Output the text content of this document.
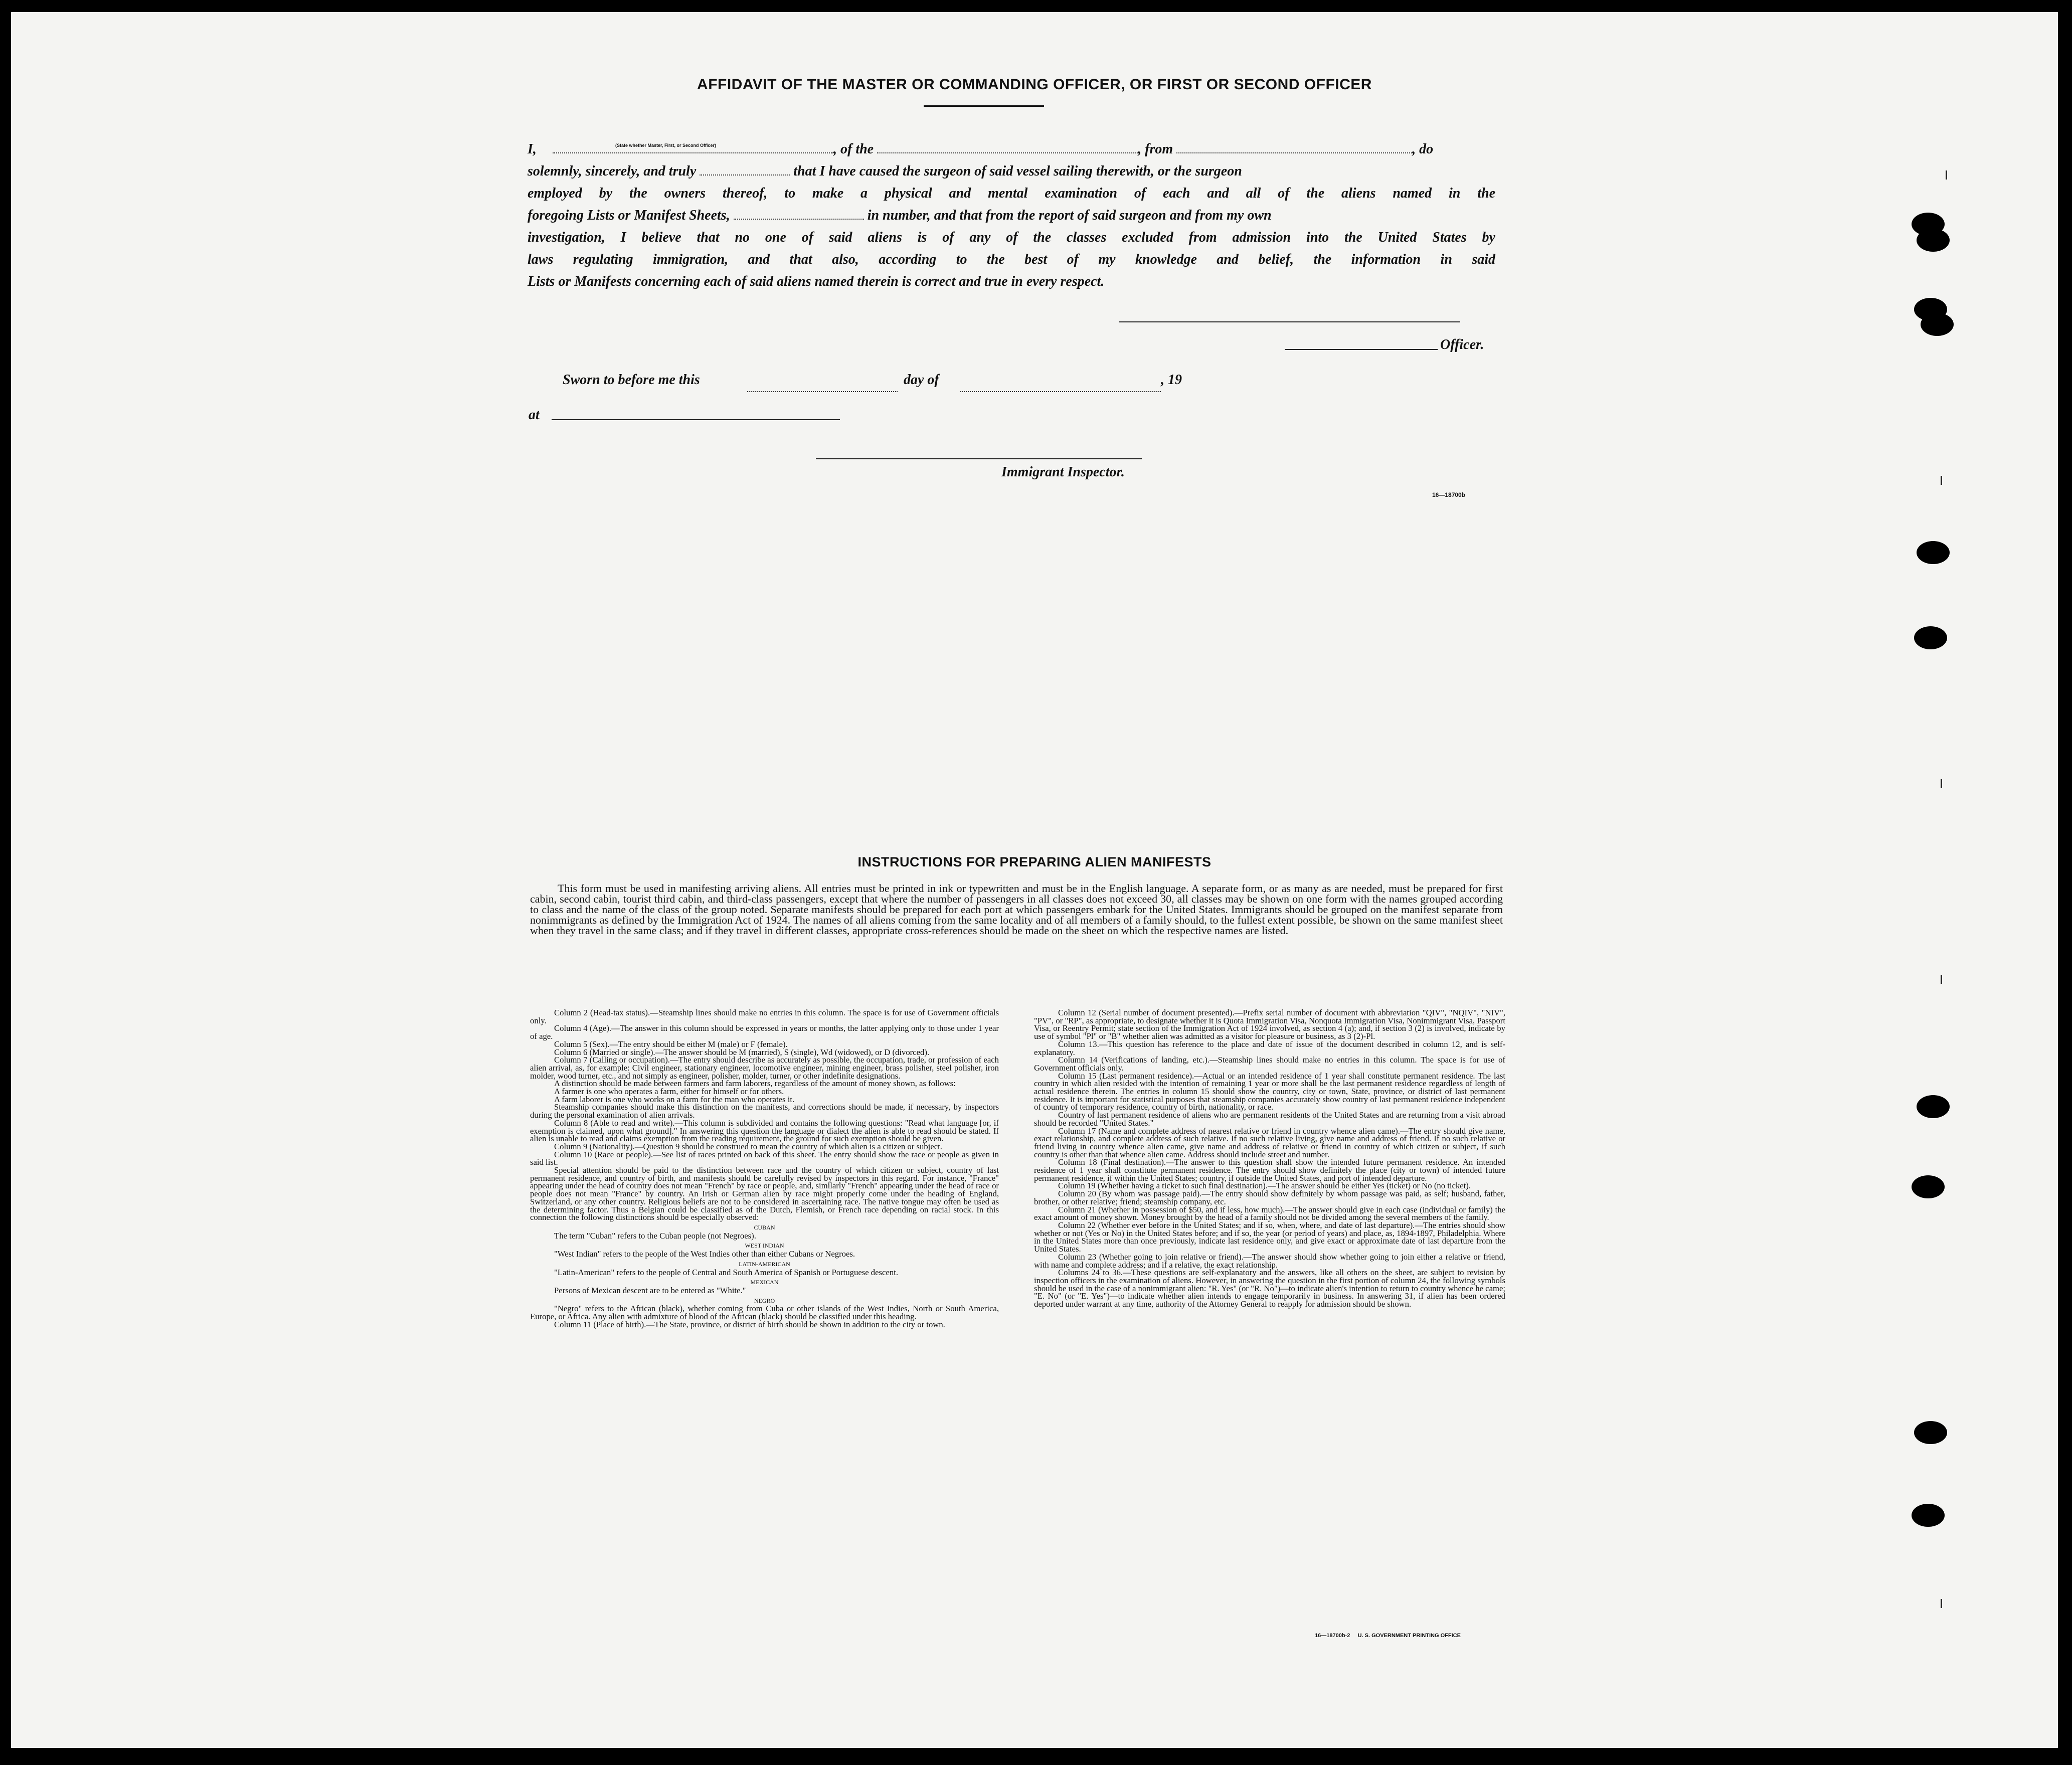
AFFIDAVIT OF THE MASTER OR COMMANDING OFFICER, OR FIRST OR SECOND OFFICER
I,	, of the	, from	, do
solemnly, sincerely, and truly	that I have caused the surgeon of said vessel sailing therewith, or the surgeon
employed by the owners thereof, to make a physical and mental examination of each and all of the aliens named in the
foregoing Lists or Manifest Sheets,	in number, and that from the report of said surgeon and from my own
investigation, I believe that no one of said aliens is of any of the classes excluded from admission into the United States by
laws regulating immigration, and that also, according to the best of my knowledge and belief, the information in said
Lists or Manifests concerning each of said aliens named therein is correct and true in every respect.
(State whether Master, First, or Second Officer)
Officer.
Sworn to before me this	day of	, 19
at
Immigrant Inspector.
16—18700b
INSTRUCTIONS FOR PREPARING ALIEN MANIFESTS

This form must be used in manifesting arriving aliens. All entries must be printed in ink or typewritten and must be in the English language. A separate form, or as many as are needed, must be prepared for first cabin, second cabin, tourist third cabin, and third-class passengers, except that where the number of passengers in all classes does not exceed 30, all classes may be shown on one form with the names grouped according to class and the name of the class of the group noted. Separate manifests should be prepared for each port at which passengers embark for the United States. Immigrants should be grouped on the manifest separate from nonimmigrants as defined by the Immigration Act of 1924. The names of all aliens coming from the same locality and of all members of a family should, to the fullest extent possible, be shown on the same manifest sheet when they travel in the same class; and if they travel in different classes, appropriate cross-references should be made on the sheet on which the respective names are listed.

Column 2 (Head-tax status).—Steamship lines should make no entries in this column. The space is for use of Government officials only.

Column 4 (Age).—The answer in this column should be expressed in years or months, the latter applying only to those under 1 year of age.

Column 5 (Sex).—The entry should be either M (male) or F (female).

Column 6 (Married or single).—The answer should be M (married), S (single), Wd (widowed), or D (divorced).

Column 7 (Calling or occupation).—The entry should describe as accurately as possible, the occupation, trade, or profession of each alien arrival, as, for example: Civil engineer, stationary engineer, locomotive engineer, mining engineer, brass polisher, steel polisher, iron molder, wood turner, etc., and not simply as engineer, polisher, molder, turner, or other indefinite designations.

A distinction should be made between farmers and farm laborers, regardless of the amount of money shown, as follows:

A farmer is one who operates a farm, either for himself or for others.

A farm laborer is one who works on a farm for the man who operates it.

Steamship companies should make this distinction on the manifests, and corrections should be made, if necessary, by inspectors during the personal examination of alien arrivals.

Column 8 (Able to read and write).—This column is subdivided and contains the following questions: "Read what language [or, if exemption is claimed, upon what ground]." In answering this question the language or dialect the alien is able to read should be stated. If alien is unable to read and claims exemption from the reading requirement, the ground for such exemption should be given.

Column 9 (Nationality).—Question 9 should be construed to mean the country of which alien is a citizen or subject.

Column 10 (Race or people).—See list of races printed on back of this sheet. The entry should show the race or people as given in said list.

Special attention should be paid to the distinction between race and the country of which citizen or subject, country of last permanent residence, and country of birth, and manifests should be carefully revised by inspectors in this regard. For instance, "France" appearing under the head of country does not mean "French" by race or people, and, similarly "French" appearing under the head of race or people does not mean "France" by country. An Irish or German alien by race might properly come under the heading of England, Switzerland, or any other country. Religious beliefs are not to be considered in ascertaining race. The native tongue may often be used as the determining factor. Thus a Belgian could be classified as of the Dutch, Flemish, or French race depending on racial stock. In this connection the following distinctions should be especially observed:

CUBAN

The term "Cuban" refers to the Cuban people (not Negroes).

WEST INDIAN

"West Indian" refers to the people of the West Indies other than either Cubans or Negroes.

LATIN-AMERICAN

"Latin-American" refers to the people of Central and South America of Spanish or Portuguese descent.

MEXICAN

Persons of Mexican descent are to be entered as "White."

NEGRO

"Negro" refers to the African (black), whether coming from Cuba or other islands of the West Indies, North or South America, Europe, or Africa. Any alien with admixture of blood of the African (black) should be classified under this heading.

Column 11 (Place of birth).—The State, province, or district of birth should be shown in addition to the city or town.

Column 12 (Serial number of document presented).—Prefix serial number of document with abbreviation "QIV", "NQIV", "NIV", "PV", or "RP", as appropriate, to designate whether it is Quota Immigration Visa, Nonquota Immigration Visa, Nonimmigrant Visa, Passport Visa, or Reentry Permit; state section of the Immigration Act of 1924 involved, as section 4 (a); and, if section 3 (2) is involved, indicate by use of symbol "Pl" or "B" whether alien was admitted as a visitor for pleasure or business, as 3 (2)-Pl.

Column 13.—This question has reference to the place and date of issue of the document described in column 12, and is self-explanatory.

Column 14 (Verifications of landing, etc.).—Steamship lines should make no entries in this column. The space is for use of Government officials only.

Column 15 (Last permanent residence).—Actual or an intended residence of 1 year shall constitute permanent residence. The last country in which alien resided with the intention of remaining 1 year or more shall be the last permanent residence regardless of length of actual residence therein. The entries in column 15 should show the country, city or town, State, province, or district of last permanent residence. It is important for statistical purposes that steamship companies accurately show country of last permanent residence independent of country of temporary residence, country of birth, nationality, or race.

Country of last permanent residence of aliens who are permanent residents of the United States and are returning from a visit abroad should be recorded "United States."

Column 17 (Name and complete address of nearest relative or friend in country whence alien came).—The entry should give name, exact relationship, and complete address of such relative. If no such relative living, give name and address of friend. If no such relative or friend living in country whence alien came, give name and address of relative or friend in country of which citizen or subject, if such country is other than that whence alien came. Address should include street and number.

Column 18 (Final destination).—The answer to this question shall show the intended future permanent residence. An intended residence of 1 year shall constitute permanent residence. The entry should show definitely the place (city or town) of intended future permanent residence, if within the United States; country, if outside the United States, and port of intended departure.

Column 19 (Whether having a ticket to such final destination).—The answer should be either Yes (ticket) or No (no ticket).

Column 20 (By whom was passage paid).—The entry should show definitely by whom passage was paid, as self; husband, father, brother, or other relative; friend; steamship company, etc.

Column 21 (Whether in possession of $50, and if less, how much).—The answer should give in each case (individual or family) the exact amount of money shown. Money brought by the head of a family should not be divided among the several members of the family.

Column 22 (Whether ever before in the United States; and if so, when, where, and date of last departure).—The entries should show whether or not (Yes or No) in the United States before; and if so, the year (or period of years) and place, as, 1894-1897, Philadelphia. Where in the United States more than once previously, indicate last residence only, and give exact or approximate date of last departure from the United States.

Column 23 (Whether going to join relative or friend).—The answer should show whether going to join either a relative or friend, with name and complete address; and if a relative, the exact relationship.

Columns 24 to 36.—These questions are self-explanatory and the answers, like all others on the sheet, are subject to revision by inspection officers in the examination of aliens. However, in answering the question in the first portion of column 24, the following symbols should be used in the case of a nonimmigrant alien: "R. Yes" (or "R. No")—to indicate alien's intention to return to country whence he came; "E. No" (or "E. Yes")—to indicate whether alien intends to engage temporarily in business. In answering 31, if alien has been ordered deported under warrant at any time, authority of the Attorney General to reapply for admission should be shown.

16—18700b-2     U. S. GOVERNMENT PRINTING OFFICE
